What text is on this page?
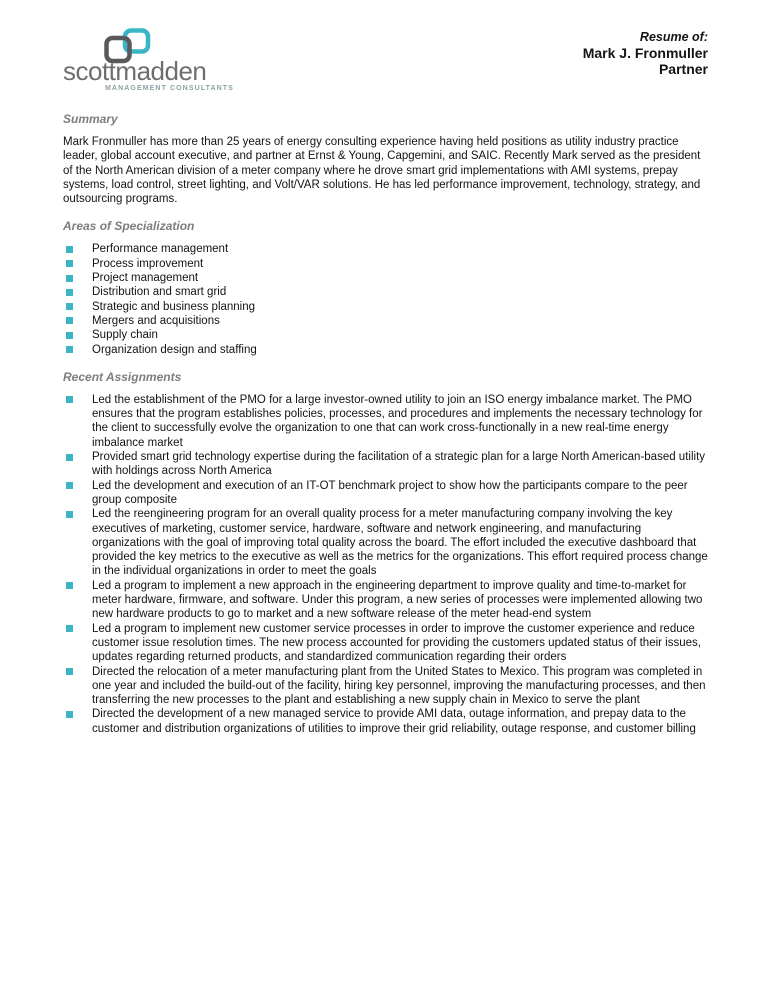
scottmadden
MANAGEMENT CONSULTANTS
Resume of:
Mark J. Fronmuller
Partner
Summary

Mark Fronmuller has more than 25 years of energy consulting experience having held positions as utility industry practice leader, global account executive, and partner at Ernst & Young, Capgemini, and SAIC. Recently Mark served as the president of the North American division of a meter company where he drove smart grid implementations with AMI systems, prepay systems, load control, street lighting, and Volt/VAR solutions. He has led performance improvement, technology, strategy, and outsourcing programs.

Areas of Specialization
Performance management
Process improvement
Project management
Distribution and smart grid
Strategic and business planning
Mergers and acquisitions
Supply chain
Organization design and staffing
Recent Assignments
Led the establishment of the PMO for a large investor-owned utility to join an ISO energy imbalance market. The PMO ensures that the program establishes policies, processes, and procedures and implements the necessary technology for the client to successfully evolve the organization to one that can work cross-functionally in a new real-time energy imbalance market
Provided smart grid technology expertise during the facilitation of a strategic plan for a large North American-based utility with holdings across North America
Led the development and execution of an IT-OT benchmark project to show how the participants compare to the peer group composite
Led the reengineering program for an overall quality process for a meter manufacturing company involving the key executives of marketing, customer service, hardware, software and network engineering, and manufacturing organizations with the goal of improving total quality across the board. The effort included the executive dashboard that provided the key metrics to the executive as well as the metrics for the organizations. This effort required process change in the individual organizations in order to meet the goals
Led a program to implement a new approach in the engineering department to improve quality and time-to-market for meter hardware, firmware, and software. Under this program, a new series of processes were implemented allowing two new hardware products to go to market and a new software release of the meter head-end system
Led a program to implement new customer service processes in order to improve the customer experience and reduce customer issue resolution times. The new process accounted for providing the customers updated status of their issues, updates regarding returned products, and standardized communication regarding their orders
Directed the relocation of a meter manufacturing plant from the United States to Mexico. This program was completed in one year and included the build-out of the facility, hiring key personnel, improving the manufacturing processes, and then transferring the new processes to the plant and establishing a new supply chain in Mexico to serve the plant
Directed the development of a new managed service to provide AMI data, outage information, and prepay data to the customer and distribution organizations of utilities to improve their grid reliability, outage response, and customer billing
